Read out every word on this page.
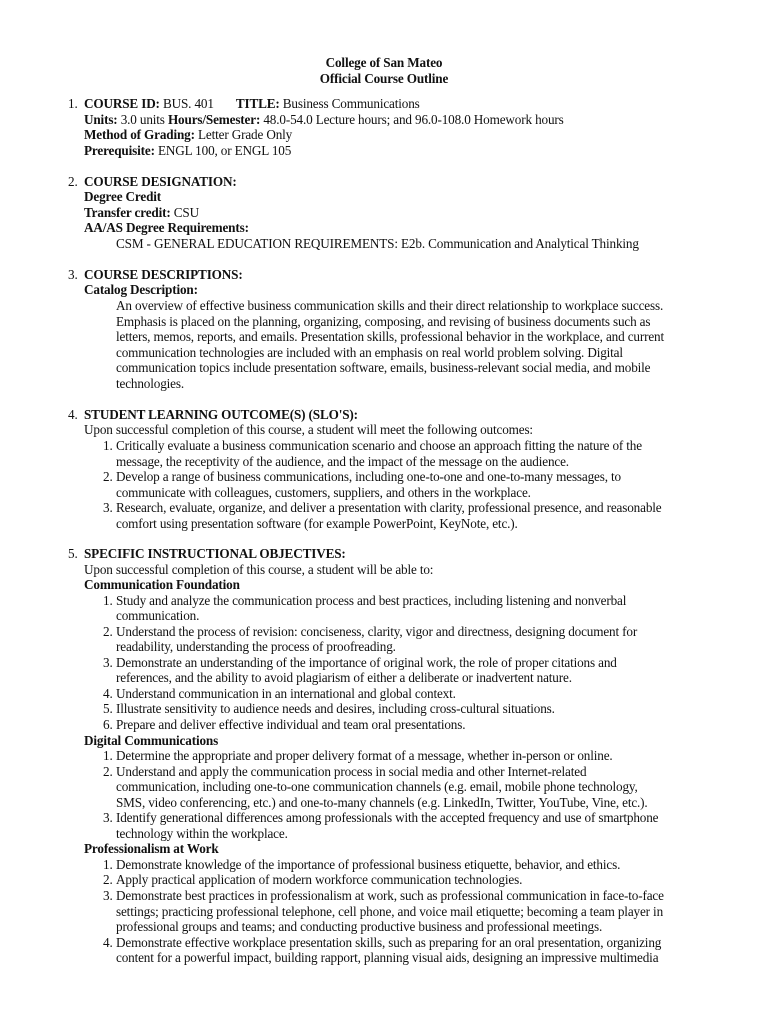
College of San Mateo
Official Course Outline
1. COURSE ID: BUS. 401 TITLE: Business Communications
Units: 3.0 units Hours/Semester: 48.0-54.0 Lecture hours; and 96.0-108.0 Homework hours
Method of Grading: Letter Grade Only
Prerequisite: ENGL 100, or ENGL 105
2. COURSE DESIGNATION:
Degree Credit
Transfer credit: CSU
AA/AS Degree Requirements:
CSM - GENERAL EDUCATION REQUIREMENTS: E2b. Communication and Analytical Thinking
3. COURSE DESCRIPTIONS:
Catalog Description:
An overview of effective business communication skills and their direct relationship to workplace success.
Emphasis is placed on the planning, organizing, composing, and revising of business documents such as
letters, memos, reports, and emails. Presentation skills, professional behavior in the workplace, and current
communication technologies are included with an emphasis on real world problem solving. Digital
communication topics include presentation software, emails, business-relevant social media, and mobile
technologies.
4. STUDENT LEARNING OUTCOME(S) (SLO'S):
Upon successful completion of this course, a student will meet the following outcomes:
1. Critically evaluate a business communication scenario and choose an approach fitting the nature of the
message, the receptivity of the audience, and the impact of the message on the audience.
2. Develop a range of business communications, including one-to-one and one-to-many messages, to
communicate with colleagues, customers, suppliers, and others in the workplace.
3. Research, evaluate, organize, and deliver a presentation with clarity, professional presence, and reasonable
comfort using presentation software (for example PowerPoint, KeyNote, etc.).
5. SPECIFIC INSTRUCTIONAL OBJECTIVES:
Upon successful completion of this course, a student will be able to:
Communication Foundation
1. Study and analyze the communication process and best practices, including listening and nonverbal
communication.
2. Understand the process of revision: conciseness, clarity, vigor and directness, designing document for
readability, understanding the process of proofreading.
3. Demonstrate an understanding of the importance of original work, the role of proper citations and
references, and the ability to avoid plagiarism of either a deliberate or inadvertent nature.
4. Understand communication in an international and global context.
5. Illustrate sensitivity to audience needs and desires, including cross-cultural situations.
6. Prepare and deliver effective individual and team oral presentations.
Digital Communications
1. Determine the appropriate and proper delivery format of a message, whether in-person or online.
2. Understand and apply the communication process in social media and other Internet-related
communication, including one-to-one communication channels (e.g. email, mobile phone technology,
SMS, video conferencing, etc.) and one-to-many channels (e.g. LinkedIn, Twitter, YouTube, Vine, etc.).
3. Identify generational differences among professionals with the accepted frequency and use of smartphone
technology within the workplace.
Professionalism at Work
1. Demonstrate knowledge of the importance of professional business etiquette, behavior, and ethics.
2. Apply practical application of modern workforce communication technologies.
3. Demonstrate best practices in professionalism at work, such as professional communication in face-to-face
settings; practicing professional telephone, cell phone, and voice mail etiquette; becoming a team player in
professional groups and teams; and conducting productive business and professional meetings.
4. Demonstrate effective workplace presentation skills, such as preparing for an oral presentation, organizing
content for a powerful impact, building rapport, planning visual aids, designing an impressive multimedia
